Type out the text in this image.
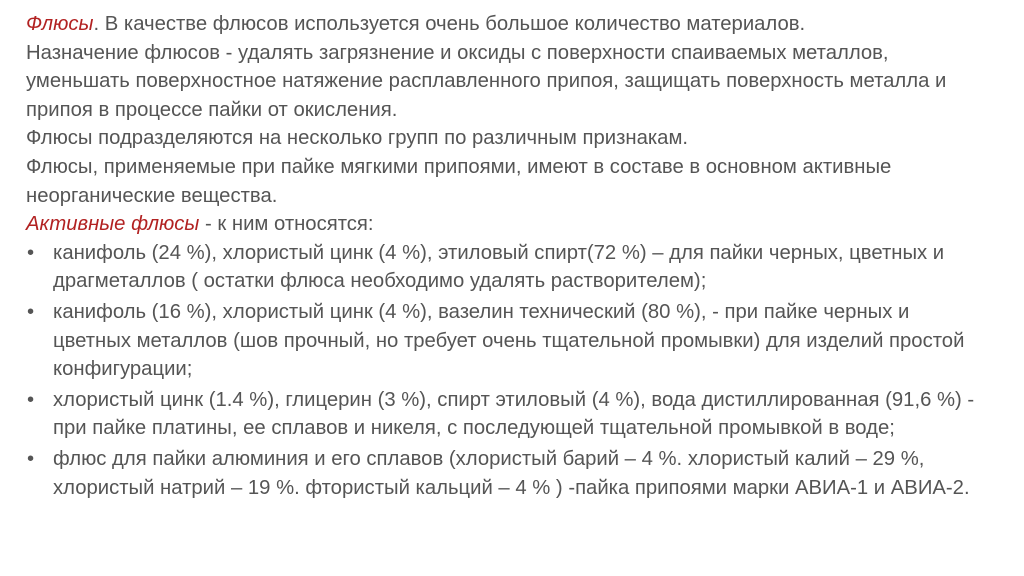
Флюсы. В качестве флюсов используется очень большое количество материалов.

Назначение флюсов - удалять загрязнение и оксиды с поверхности спаиваемых металлов, уменьшать поверхностное натяжение расплавленного припоя, защищать поверхность металла и припоя в процессе пайки от окисления.

Флюсы подразделяются на несколько групп по различным признакам.

Флюсы, применяемые при пайке мягкими припоями, имеют в составе в основном активные неорганические вещества.

Активные флюсы - к ним относятся:

• канифоль (24 %), хлористый цинк (4 %), этиловый спирт(72 %) – для пайки черных, цветных и драгметаллов ( остатки флюса необходимо удалять растворителем);
• канифоль (16 %), хлористый цинк (4 %), вазелин технический (80 %), - при пайке черных и цветных металлов (шов прочный, но требует очень тщательной промывки) для изделий простой конфигурации;
• хлористый цинк (1.4 %), глицерин (3 %), спирт этиловый (4 %), вода дистиллированная (91,6 %) - при пайке платины, ее сплавов и никеля, с последующей тщательной промывкой в воде;
• флюс для пайки алюминия и его сплавов (хлористый барий – 4 %. хлористый калий – 29 %, хлористый натрий – 19 %. фтористый кальций – 4 % ) -пайка припоями марки АВИА-1 и АВИА-2.
